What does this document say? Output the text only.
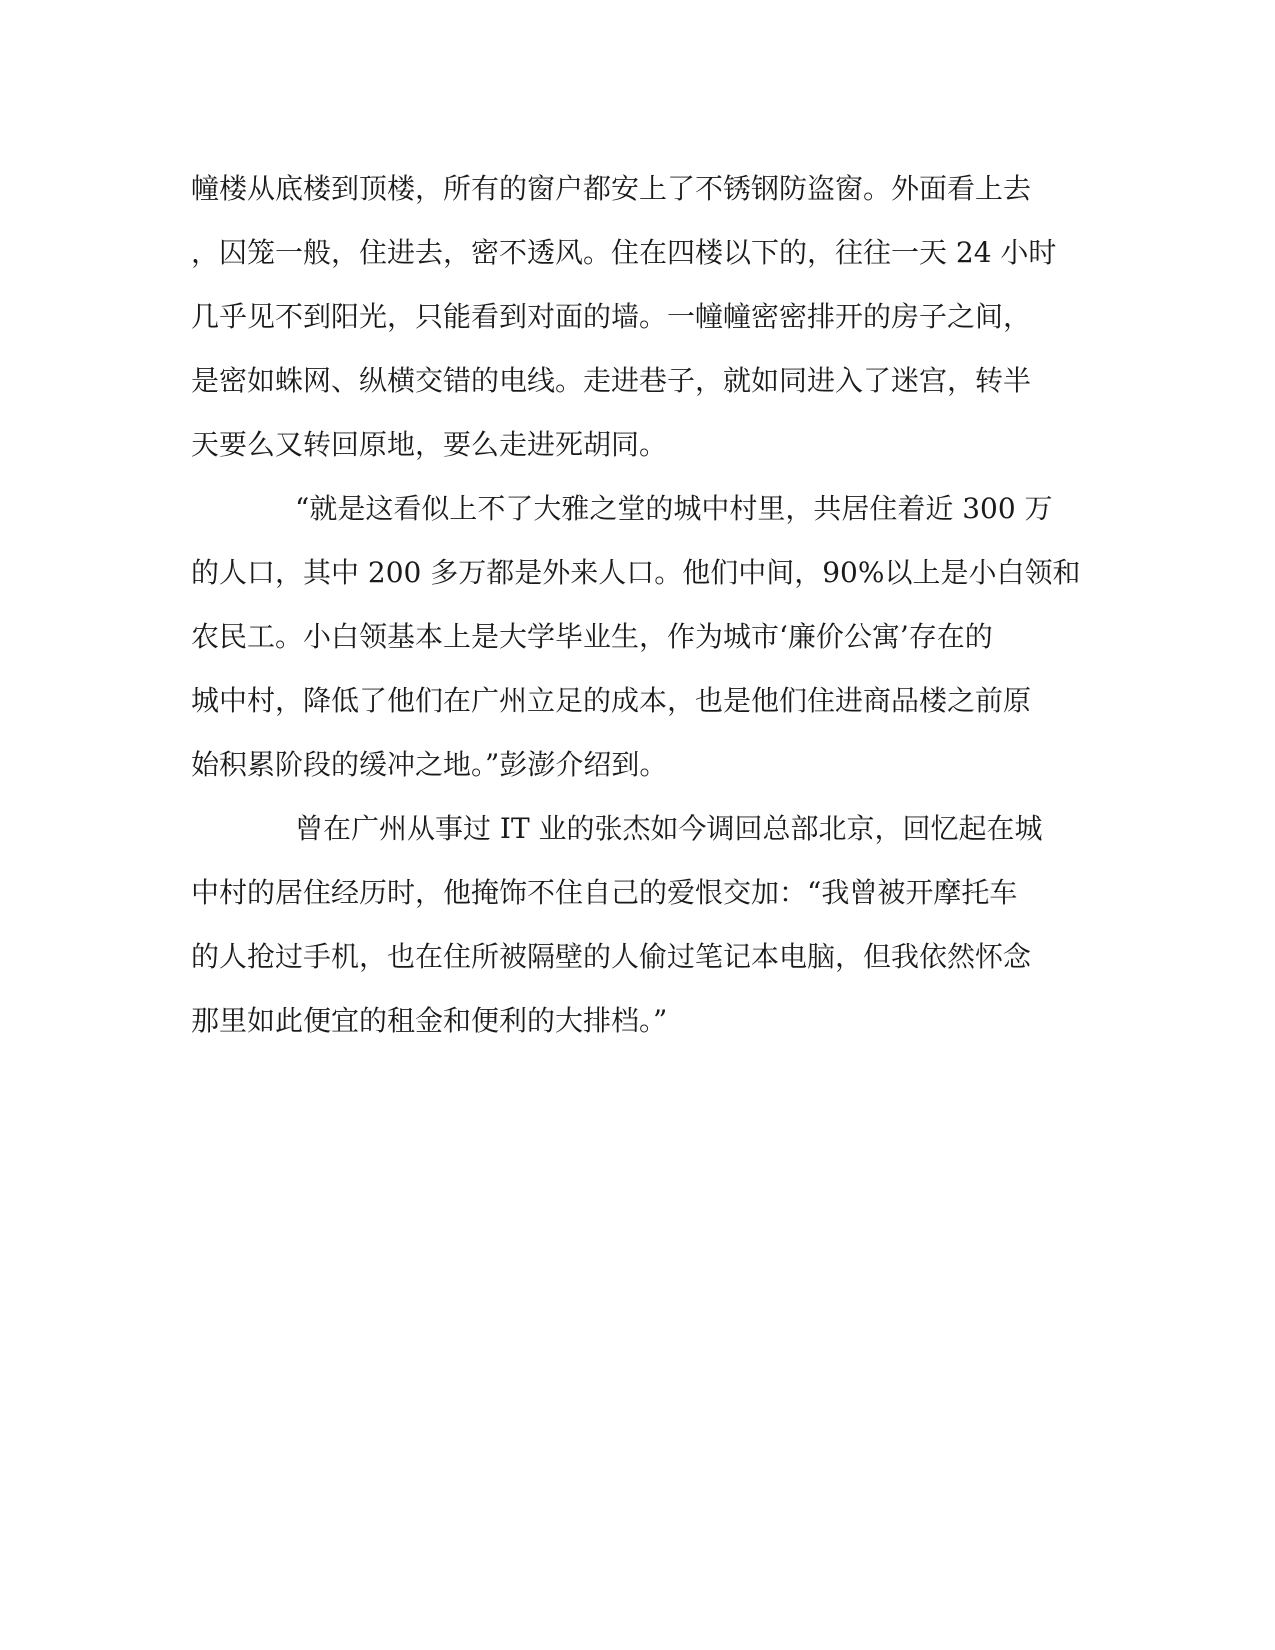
幢楼从底楼到顶楼，所有的窗户都安上了不锈钢防盗窗。外面看上去
，囚笼一般，住进去，密不透风。住在四楼以下的，往往一天 24 小时
几乎见不到阳光，只能看到对面的墙。一幢幢密密排开的房子之间，
是密如蛛网、纵横交错的电线。走进巷子，就如同进入了迷宫，转半
天要么又转回原地，要么走进死胡同。
“就是这看似上不了大雅之堂的城中村里，共居住着近 300 万
的人口，其中 200 多万都是外来人口。他们中间，90%以上是小白领和
农民工。小白领基本上是大学毕业生，作为城市‘廉价公寓’存在的
城中村，降低了他们在广州立足的成本，也是他们住进商品楼之前原
始积累阶段的缓冲之地。”彭澎介绍到。
曾在广州从事过 IT 业的张杰如今调回总部北京，回忆起在城
中村的居住经历时，他掩饰不住自己的爱恨交加：“我曾被开摩托车
的人抢过手机，也在住所被隔壁的人偷过笔记本电脑，但我依然怀念
那里如此便宜的租金和便利的大排档。”
